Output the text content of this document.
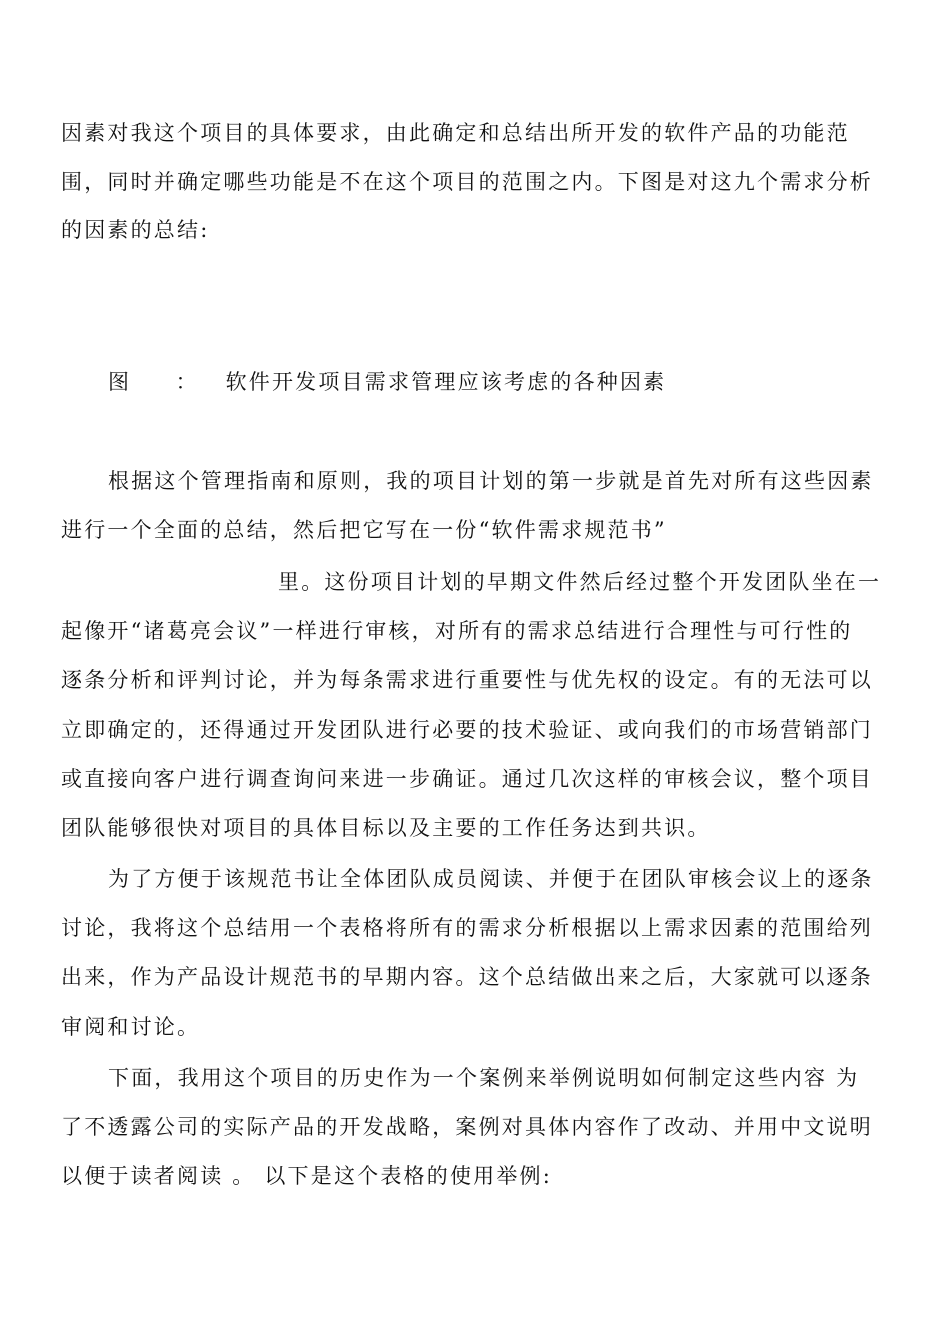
因素对我这个项目的具体要求，由此确定和总结出所开发的软件产品的功能范
围，同时并确定哪些功能是不在这个项目的范围之内。下图是对这九个需求分析
的因素的总结:
图 ： 软件开发项目需求管理应该考虑的各种因素
根据这个管理指南和原则，我的项目计划的第一步就是首先对所有这些因素
进行一个全面的总结，然后把它写在一份“软件需求规范书”
里。这份项目计划的早期文件然后经过整个开发团队坐在一
起像开“诸葛亮会议”一样进行审核，对所有的需求总结进行合理性与可行性的
逐条分析和评判讨论，并为每条需求进行重要性与优先权的设定。有的无法可以
立即确定的，还得通过开发团队进行必要的技术验证、或向我们的市场营销部门
或直接向客户进行调查询问来进一步确证。通过几次这样的审核会议，整个项目
团队能够很快对项目的具体目标以及主要的工作任务达到共识。
为了方便于该规范书让全体团队成员阅读、并便于在团队审核会议上的逐条
讨论，我将这个总结用一个表格将所有的需求分析根据以上需求因素的范围给列
出来，作为产品设计规范书的早期内容。这个总结做出来之后，大家就可以逐条
审阅和讨论。
下面，我用这个项目的历史作为一个案例来举例说明如何制定这些内容 为
了不透露公司的实际产品的开发战略，案例对具体内容作了改动、并用中文说明
以便于读者阅读 。 以下是这个表格的使用举例:
